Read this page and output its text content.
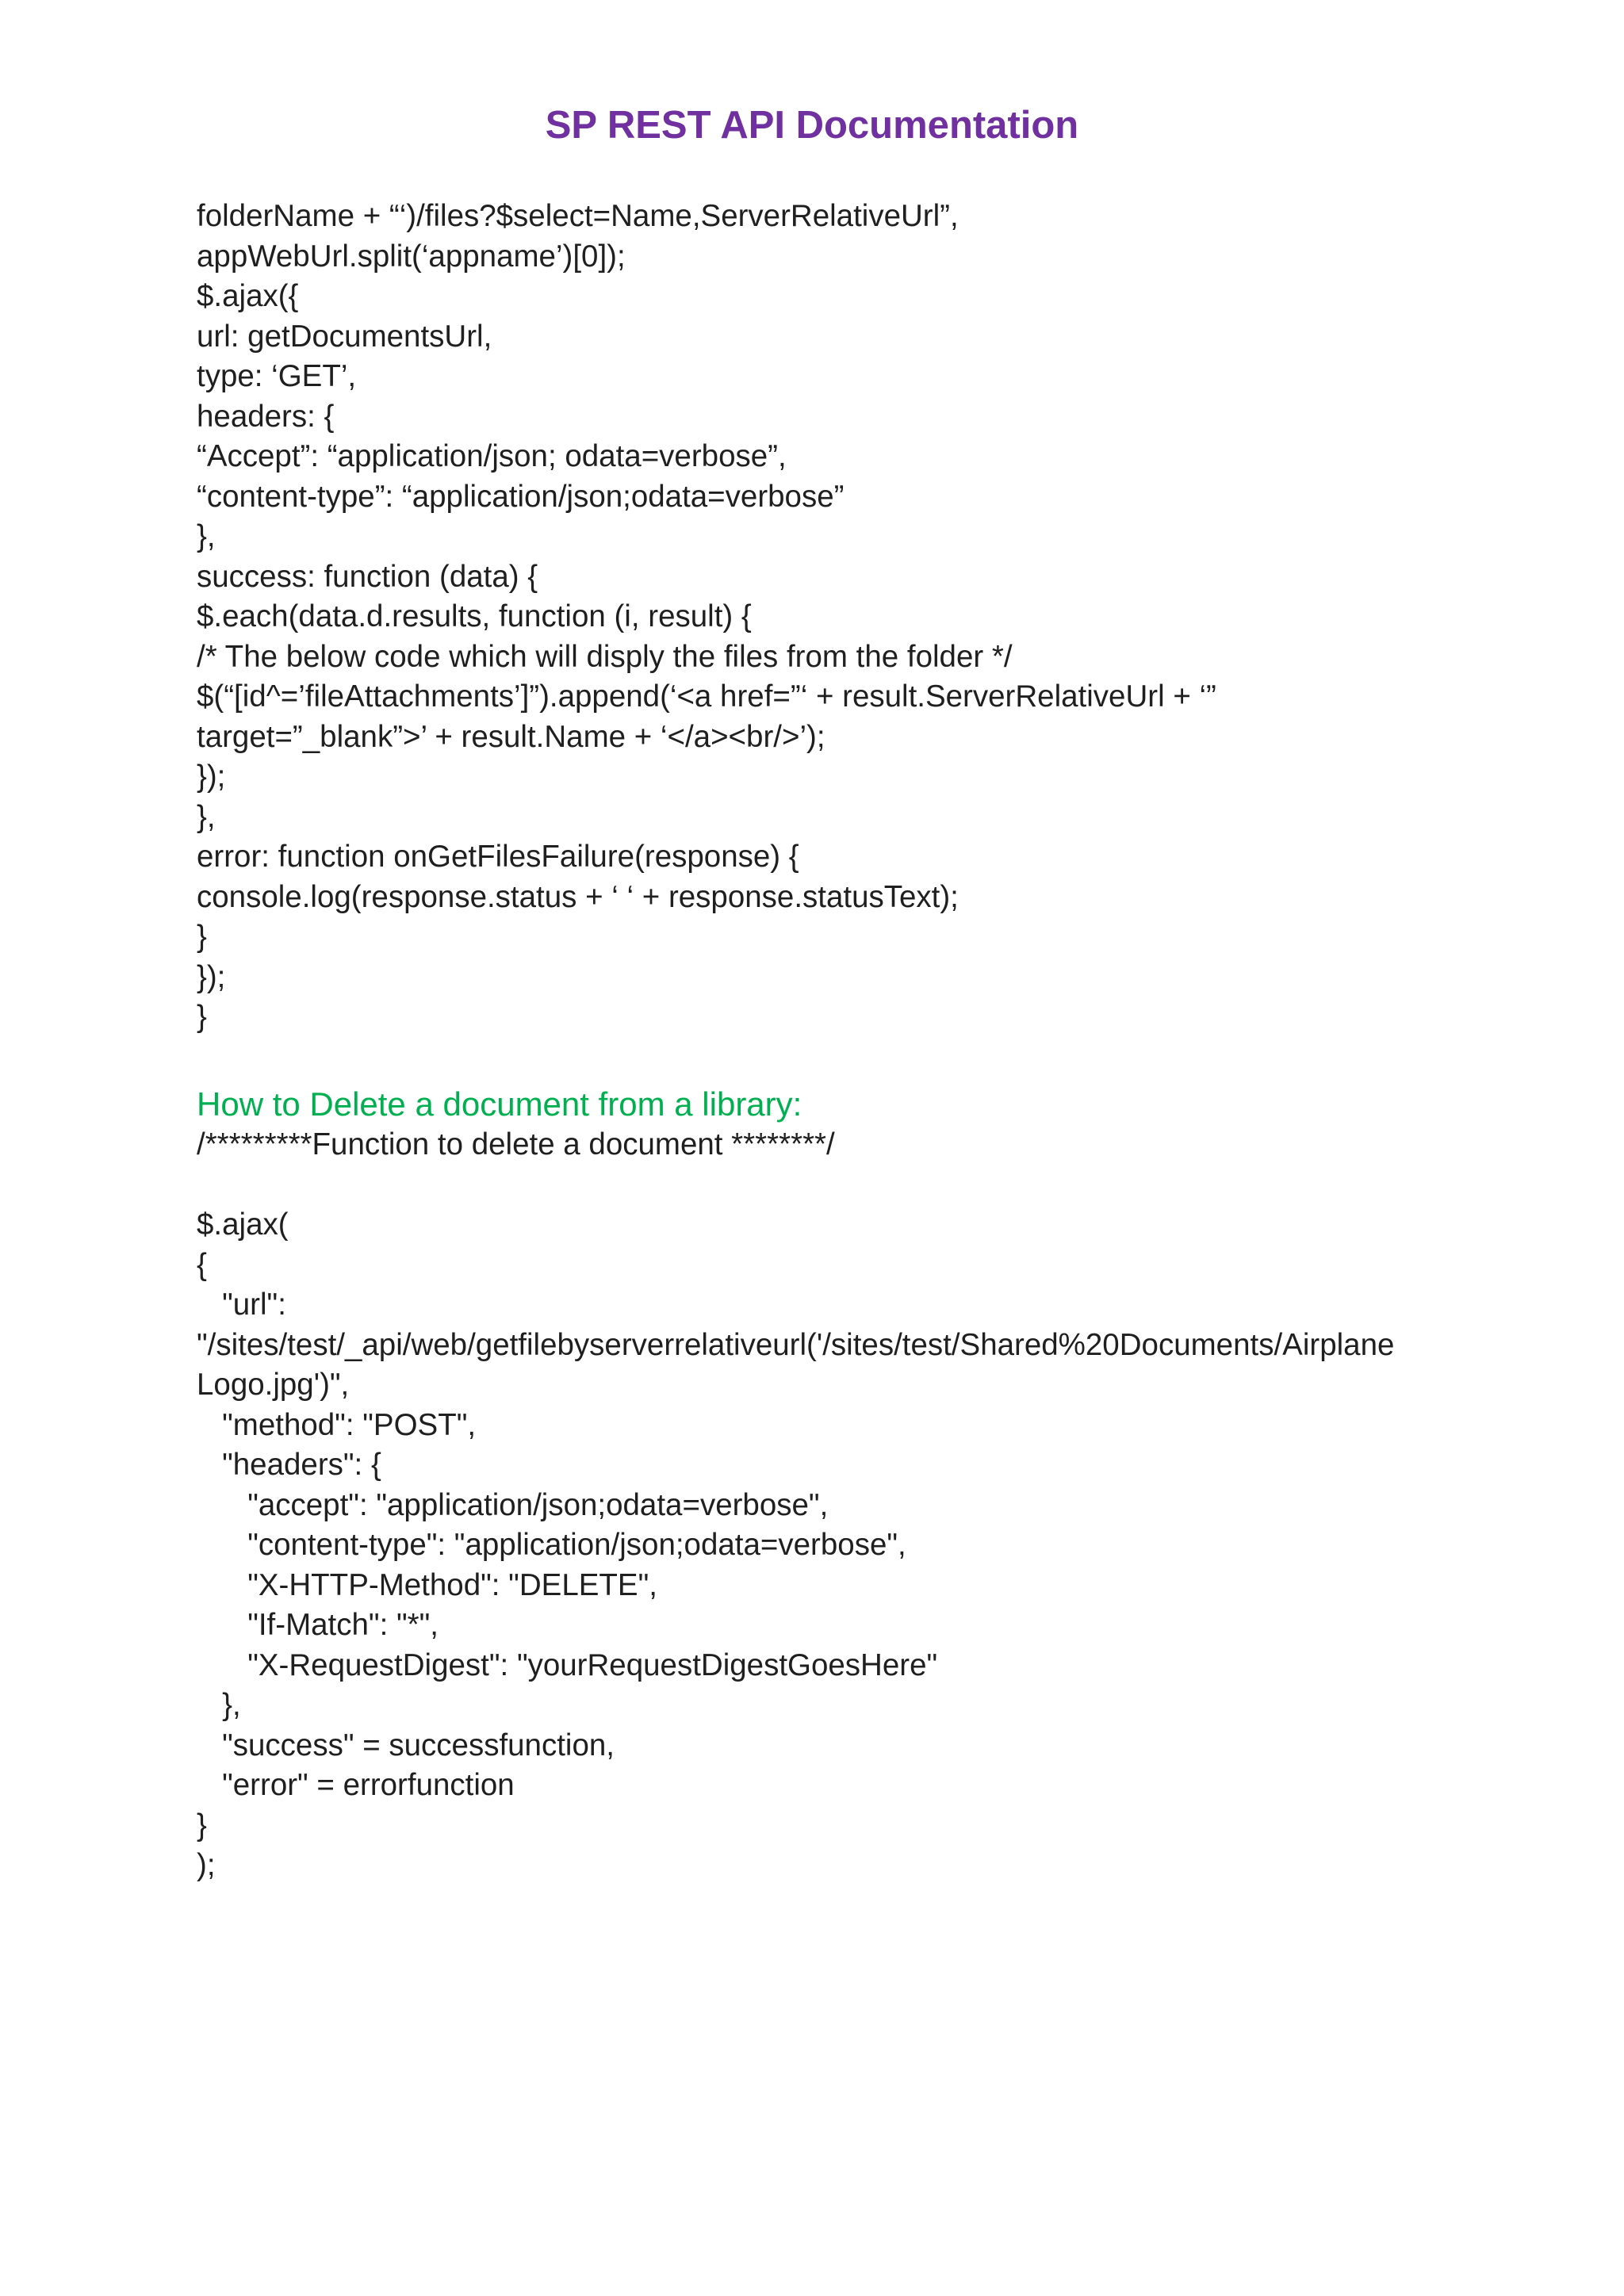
SP REST API Documentation
folderName + “‘)/files?$select=Name,ServerRelativeUrl”,
appWebUrl.split(‘appname’)[0]);
$.ajax({
url: getDocumentsUrl,
type: ‘GET’,
headers: {
“Accept”: “application/json; odata=verbose”,
“content-type”: “application/json;odata=verbose”
},
success: function (data) {
$.each(data.d.results, function (i, result) {
/* The below code which will disply the files from the folder */
$(“[id^=’fileAttachments’]”).append(‘<a href=”‘ + result.ServerRelativeUrl + ‘”
target=”_blank”>’ + result.Name + ‘</a><br/>’);
});
},
error: function onGetFilesFailure(response) {
console.log(response.status + ‘ ‘ + response.statusText);
}
});
}
How to Delete a document from a library:
/*********Function to delete a document ********/
$.ajax(
{
"url":
"/sites/test/_api/web/getfilebyserverrelativeurl('/sites/test/Shared%20Documents/Airplane
Logo.jpg')",
"method": "POST",
"headers": {
"accept": "application/json;odata=verbose",
"content-type": "application/json;odata=verbose",
"X-HTTP-Method": "DELETE",
"If-Match": "*",
"X-RequestDigest": "yourRequestDigestGoesHere"
},
"success" = successfunction,
"error" = errorfunction
}
);
